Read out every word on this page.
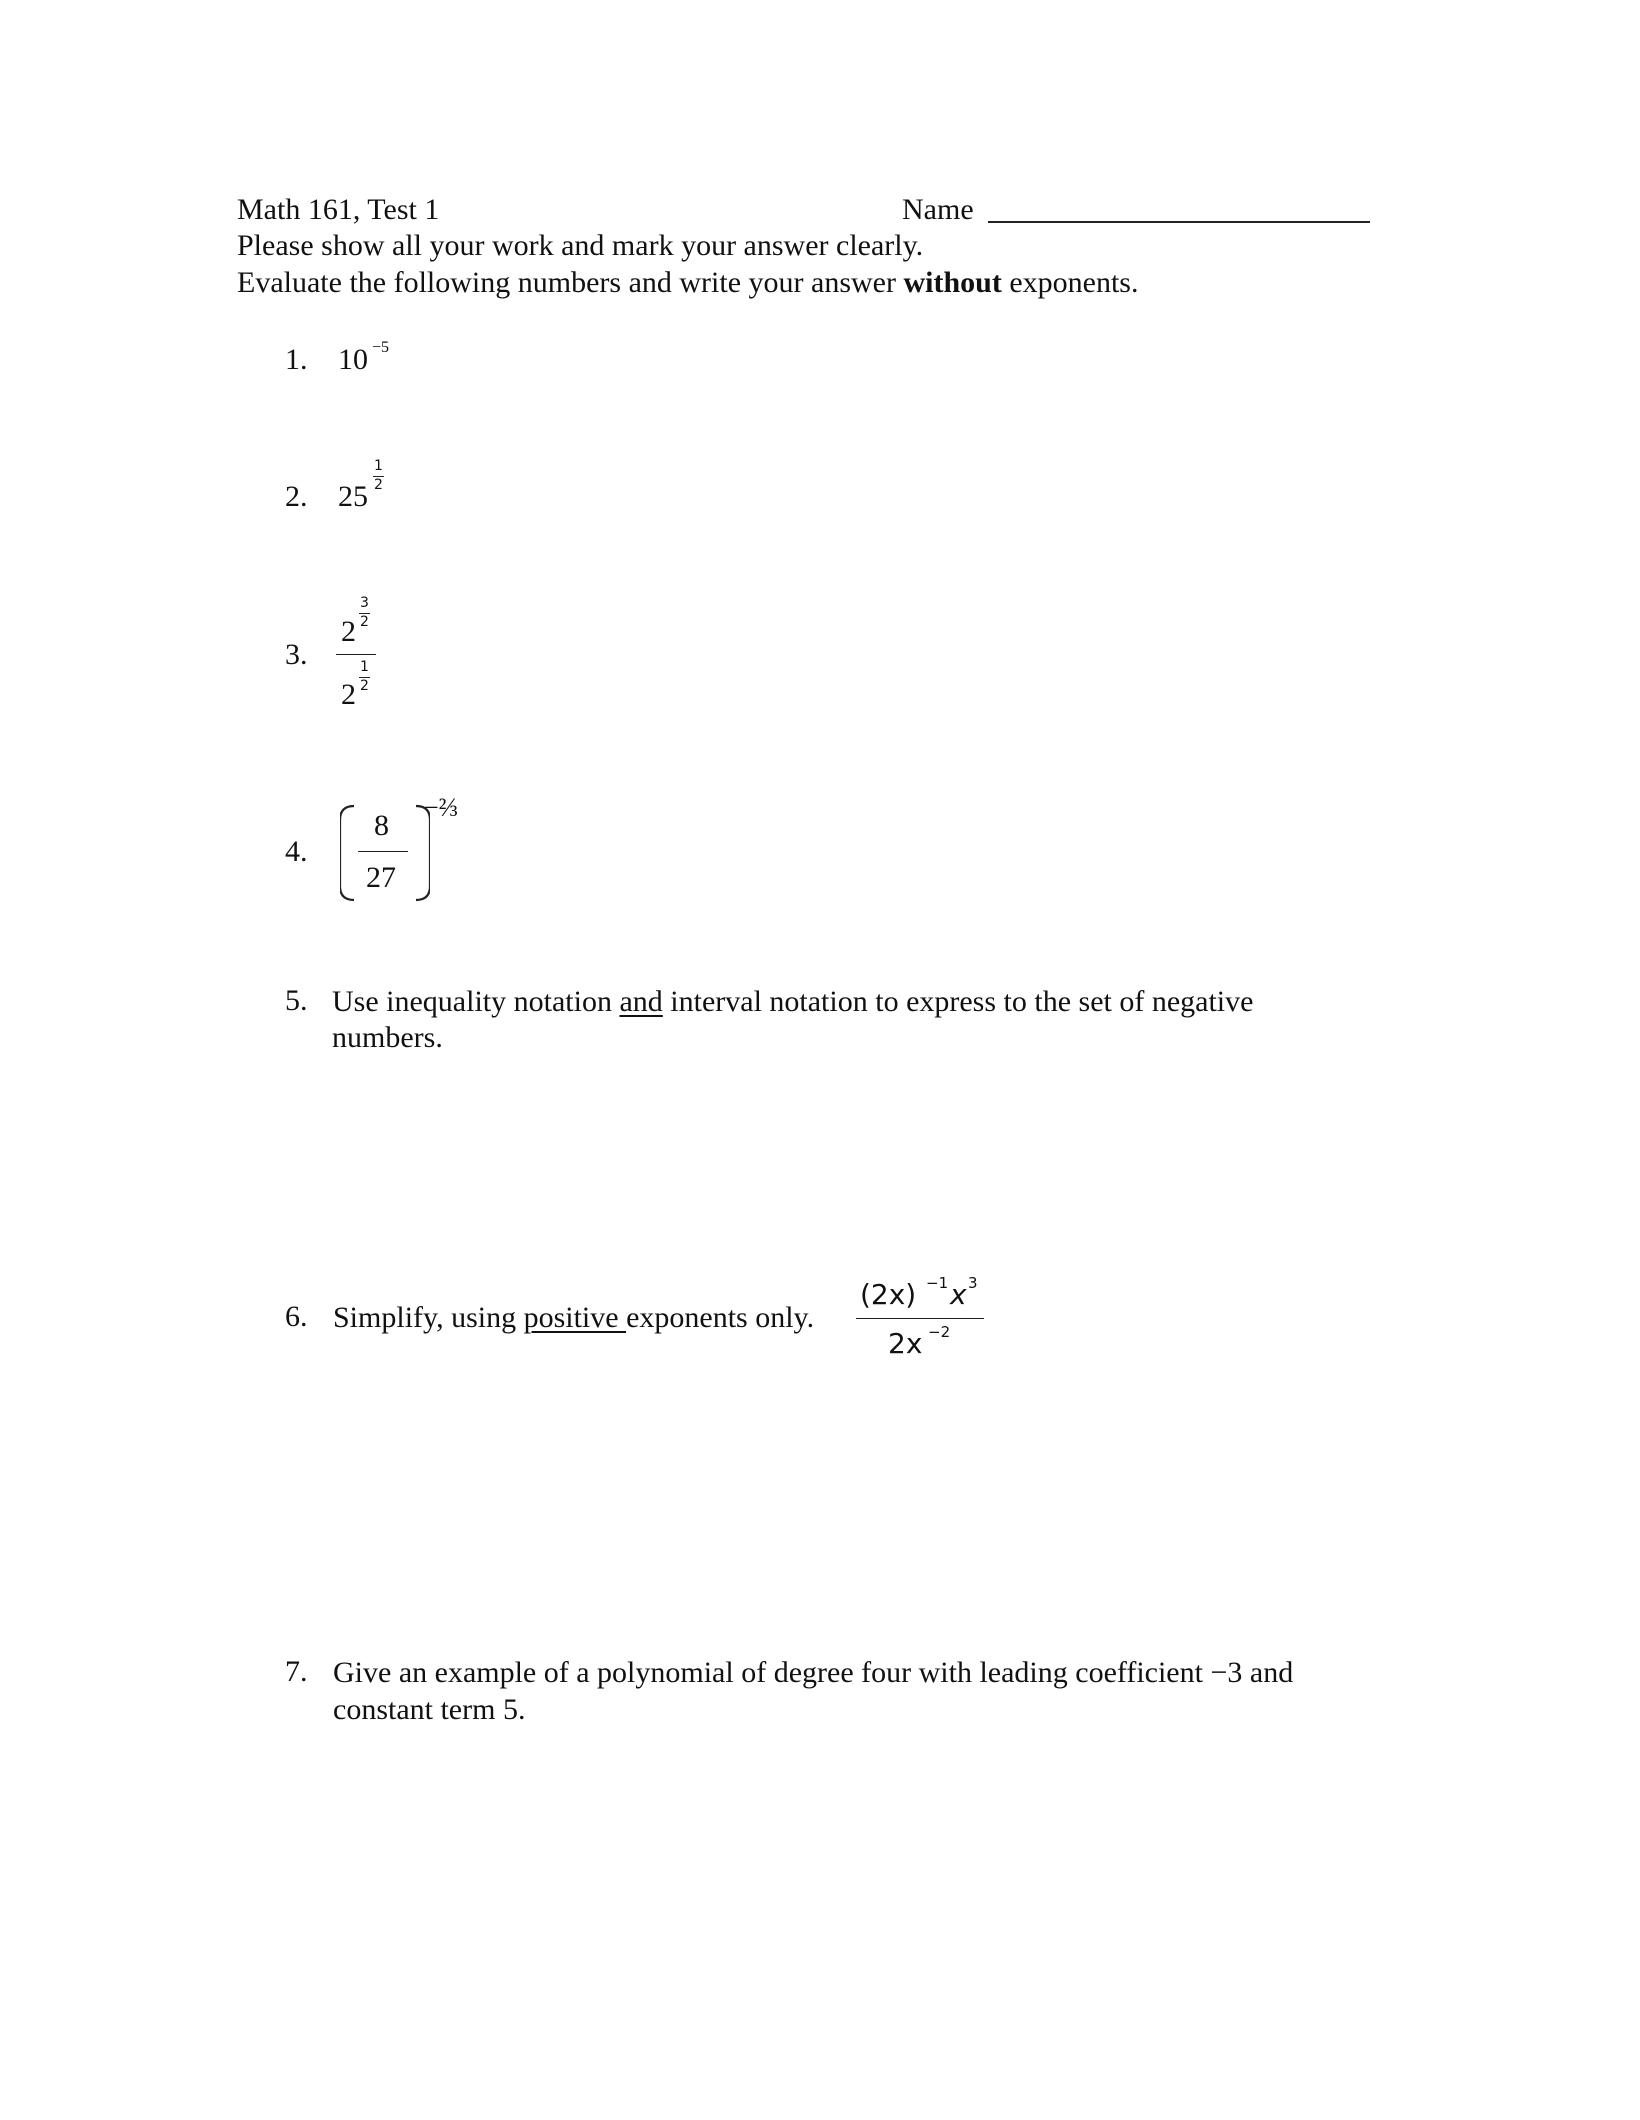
Math 161, Test 1	Name
Please show all your work and mark your answer clearly.
Evaluate the following numbers and write your answer without exponents.
1. 10 −5
2. 25
1
2
3.
2
3
2
2
1
2
4.
8
27
−⅔
5. Use inequality notation and interval notation to express to the set of negative
numbers.
6. Simplify, using positive exponents only.
(2x) −1 x 3
2x −2
7. Give an example of a polynomial of degree four with leading coefficient −3 and
constant term 5.
